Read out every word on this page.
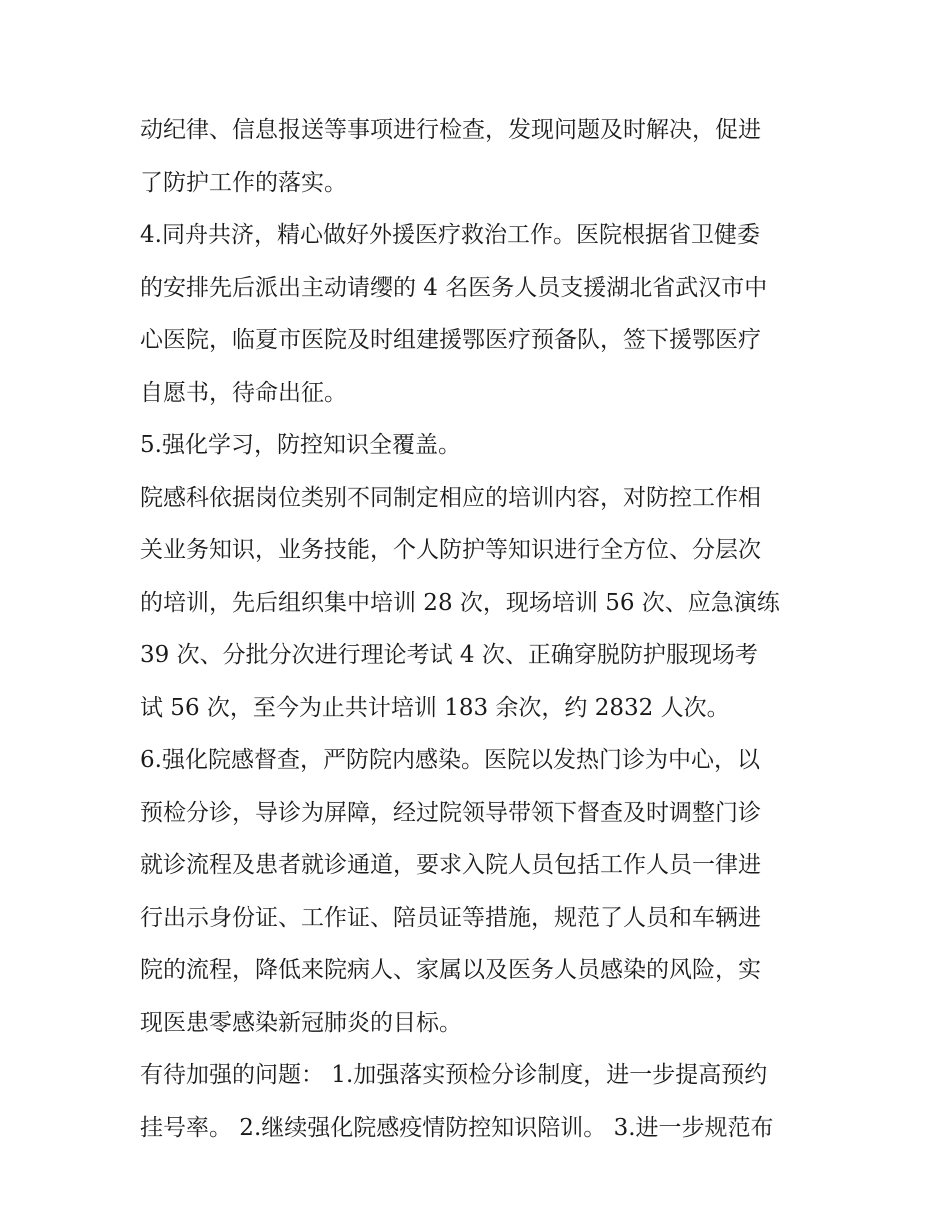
动纪律、信息报送等事项进行检查，发现问题及时解决，促进
了防护工作的落实。
4.同舟共济，精心做好外援医疗救治工作。医院根据省卫健委
的安排先后派出主动请缨的 4 名医务人员支援湖北省武汉市中
心医院，临夏市医院及时组建援鄂医疗预备队，签下援鄂医疗
自愿书，待命出征。
5.强化学习，防控知识全覆盖。
院感科依据岗位类别不同制定相应的培训内容，对防控工作相
关业务知识，业务技能，个人防护等知识进行全方位、分层次
的培训，先后组织集中培训 28 次，现场培训 56 次、应急演练
39 次、分批分次进行理论考试 4 次、正确穿脱防护服现场考
试 56 次，至今为止共计培训 183 余次，约 2832 人次。
6.强化院感督查，严防院内感染。医院以发热门诊为中心，以
预检分诊，导诊为屏障，经过院领导带领下督查及时调整门诊
就诊流程及患者就诊通道，要求入院人员包括工作人员一律进
行出示身份证、工作证、陪员证等措施，规范了人员和车辆进
院的流程，降低来院病人、家属以及医务人员感染的风险，实
现医患零感染新冠肺炎的目标。
有待加强的问题： 1.加强落实预检分诊制度，进一步提高预约
挂号率。 2.继续强化院感疫情防控知识陪训。 3.进一步规范布
